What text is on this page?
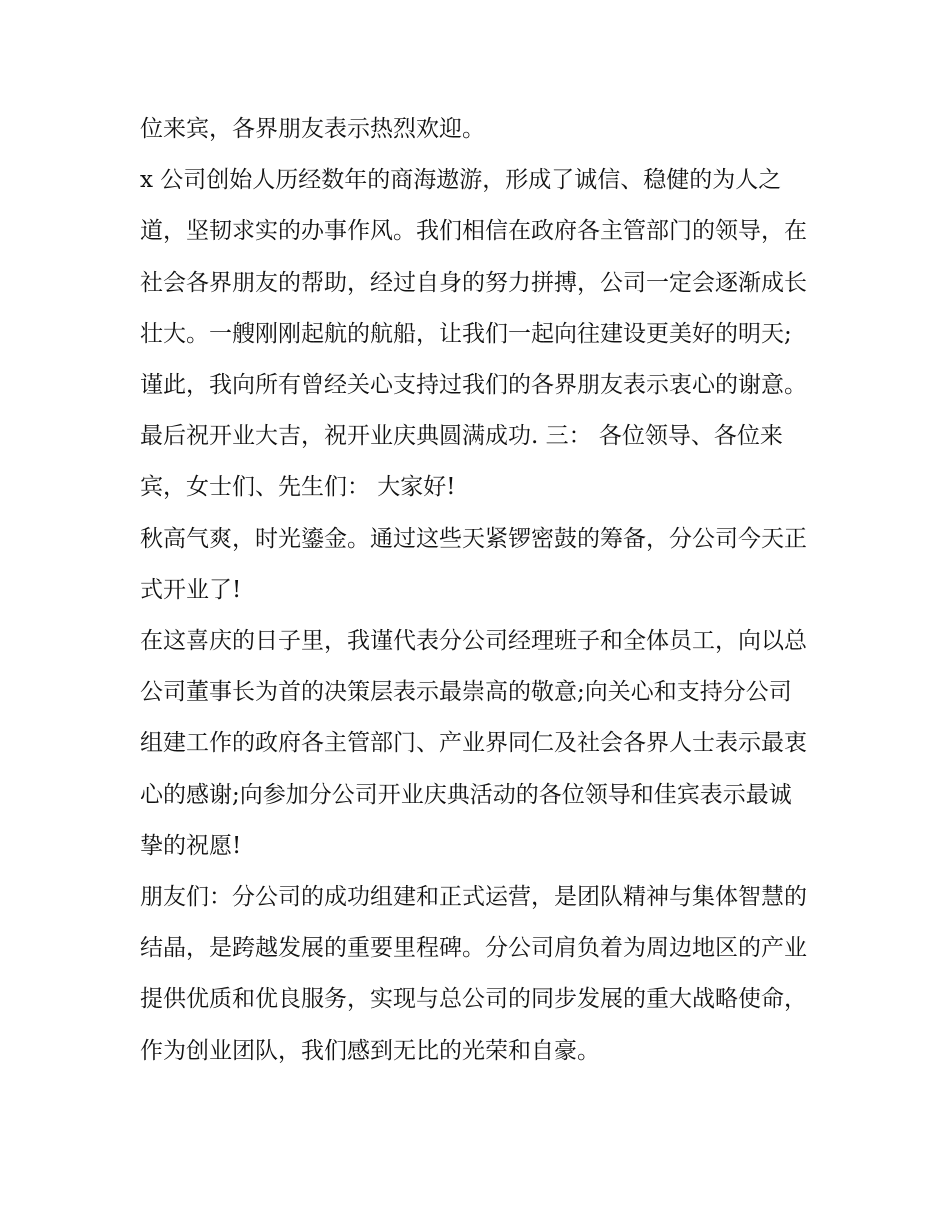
位来宾，各界朋友表示热烈欢迎。

x 公司创始人历经数年的商海遨游，形成了诚信、稳健的为人之道，坚韧求实的办事作风。我们相信在政府各主管部门的领导，在社会各界朋友的帮助，经过自身的努力拼搏，公司一定会逐渐成长壮大。一艘刚刚起航的航船，让我们一起向往建设更美好的明天;

谨此，我向所有曾经关心支持过我们的各界朋友表示衷心的谢意。 最后祝开业大吉，祝开业庆典圆满成功. 三： 各位领导、各位来宾，女士们、先生们： 大家好!

秋高气爽，时光鎏金。通过这些天紧锣密鼓的筹备，分公司今天正式开业了!

在这喜庆的日子里，我谨代表分公司经理班子和全体员工，向以总公司董事长为首的决策层表示最崇高的敬意;向关心和支持分公司组建工作的政府各主管部门、产业界同仁及社会各界人士表示最衷心的感谢;向参加分公司开业庆典活动的各位领导和佳宾表示最诚挚的祝愿!

朋友们：分公司的成功组建和正式运营，是团队精神与集体智慧的结晶，是跨越发展的重要里程碑。分公司肩负着为周边地区的产业提供优质和优良服务，实现与总公司的同步发展的重大战略使命，作为创业团队，我们感到无比的光荣和自豪。
